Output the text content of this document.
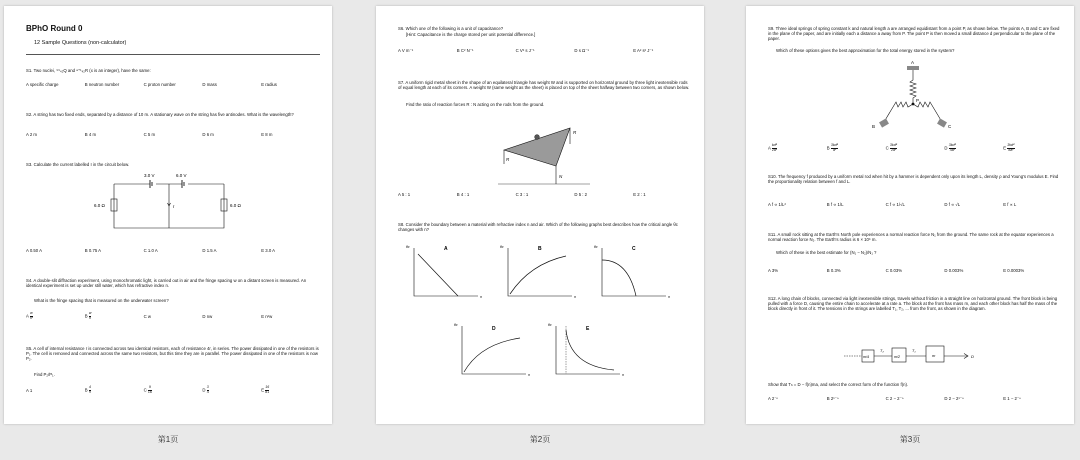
BPhO Round 0
12 Sample Questions (non-calculator)
S1. Two nuclei, ⁹⁹₄₂Q and ᵃ⁺¹₄₂R (x is an integer), have the same:
A specific charge	B neutron number	C proton number	D mass	E radius
S2. A string has two fixed ends, separated by a distance of 10 m. A stationary wave on the string has five antinodes. What is the wavelength?
A 2 m	B 4 m	C 5 m	D 6 m	E 8 m
S3. Calculate the current labelled I in the circuit below.
3.0 V	6.0 V
6.0 Ω	6.0 Ω
I
A 0.50 A	B 0.75 A	C 1.0 A	D 1.5 A	E 3.0 A
S4. A double-slit diffraction experiment, using monochromatic light, is carried out in air and the fringe spacing w on a distant screen is measured. An identical experiment is set up under still water, which has refractive index n.
What is the fringe spacing that is measured on the underwater screen?
A $\frac{w}{\text{n²}}$	B $\frac{w}{n}$	C w	D nw	E n²w
S5. A cell of internal resistance r is connected across two identical resistors, each of resistance 4r, in series. The power dissipated in one of the resistors is P₁. The cell is removed and connected across the same two resistors, but this time they are in parallel. The power dissipated in one of the resistors is now P₂.
Find P₂/P₁.
A 1	B $\frac{4}{9}$	C $\frac{9}{16}$	D $\frac{3}{4}$	E $\frac{16}{81}$
S6. Which one of the following is a unit of capacitance?
[Hint: Capacitance is the charge stored per unit potential difference.]
A V m⁻¹	B C² N⁻¹	C V² s J⁻¹	D s Ω⁻¹	E A² s² J⁻¹
S7. A uniform rigid metal sheet in the shape of an equilateral triangle has weight W and is supported on horizontal ground by three light inextensible rods of equal length at each of its corners. A weight W (same weight as the sheet) is placed on top of the sheet halfway between two corners, as shown below.
Find the ratio of reaction forces R : N acting on the rods from the ground.
R
R
N
A 5 : 1	B 4 : 1	C 3 : 1	D 5 : 2	E 2 : 1
S8. Consider the boundary between a material with refractive index n and air. Which of the following graphs best describes how the critical angle θc changes with n?
A
θc
n
B
θc
n
C
θc
n
D
θc
n
E
θc
n
S9. Three ideal springs of spring constant k and natural length a are arranged equidistant from a point P, as shown below. The points A, B and C are fixed in the plane of the paper, and are initially each a distance a away from P. The point P is then moved a small distance d perpendicular to the plane of the paper.
Which of these options gives the best approximation for the total energy stored in the system?
A
P
B	C
A $\frac{\text{kd⁴}}{\text{2a²}}$	B $\frac{\text{3kd⁴}}{\text{a²}}$	C $\frac{\text{3kd⁴}}{\text{2a²}}$	D $\frac{\text{3kd⁴}}{\text{4a²}}$	E $\frac{\text{3kd⁴}}{\text{8a²}}$
S10. The frequency f produced by a uniform metal rod when hit by a hammer is dependent only upon its length L, density ρ and Young's modulus E. Find the proportionality relation between f and L.
A f ∝ 1/L²	B f ∝ 1/L	C f ∝ 1/√L	D f ∝ √L	E f ∝ L
S11. A small rock sitting at the Earth's North pole experiences a normal reaction force N₁ from the ground. The same rock at the equator experiences a normal reaction force N₂. The Earth's radius is 6 × 10⁶ m.
Which of these is the best estimate for (N₁ − N₂)/N₁ ?
A 3%	B 0.3%	C 0.03%	D 0.003%	E 0.0003%
S12. A long chain of blocks, connected via light inextensible strings, travels without friction in a straight line on horizontal ground. The front block is being pulled with a force D, causing the entire chain to accelerate at a rate a. The block at the front has mass m, and each other block has half the mass of the block directly in front of it. The tensions in the strings are labelled T₁, T₂, ... from the front, as shown in the diagram.
m/4	m/2	m
T₂	T₁
D
Show that Tₙ = D − f(n)ma, and select the correct form of the function f(n).
A 2⁻ⁿ	B 2¹⁻ⁿ	C 2 − 2⁻ⁿ	D 2 − 2¹⁻ⁿ	E 1 − 2⁻ⁿ
第1页	第2页	第3页
